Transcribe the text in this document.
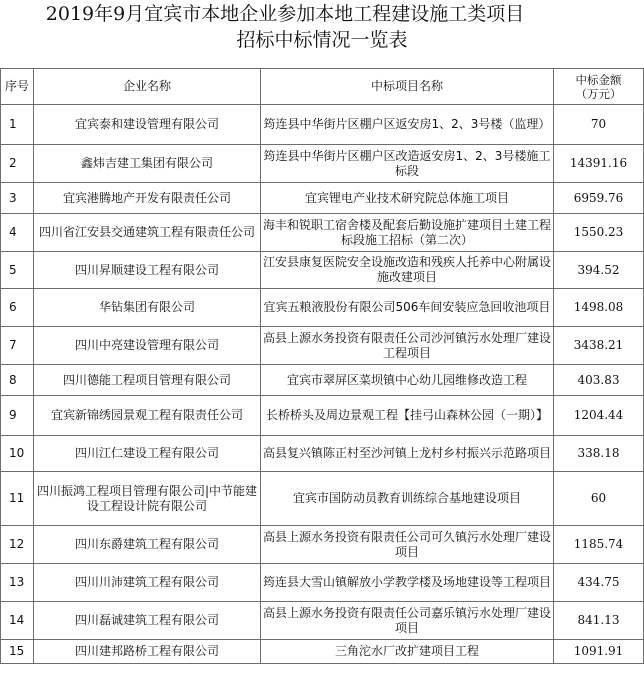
2019年9月宜宾市本地企业参加本地工程建设施工类项目
招标中标情况一览表
序号	企业名称	中标项目名称	中标金额
（万元）

1	宜宾泰和建设管理有限公司	筠连县中华街片区棚户区返安房1、2、3号楼（监理）	70
2	鑫炜吉建工集团有限公司	筠连县中华街片区棚户区改造返安房1、2、3号楼施工标段	14391.16
3	宜宾港腾地产开发有限责任公司	宜宾锂电产业技术研究院总体施工项目	6959.76
4	四川省江安县交通建筑工程有限责任公司	海丰和锐职工宿舍楼及配套后勤设施扩建项目土建工程 标段施工招标（第二次）	1550.23
5	四川昇顺建设工程有限公司	江安县康复医院安全设施改造和残疾人托养中心附属设施改建项目	394.52
6	华钻集团有限公司	宜宾五粮液股份有限公司506车间安装应急回收池项目	1498.08
7	四川中亮建设管理有限公司	高县上源水务投资有限责任公司沙河镇污水处理厂建设工程项目	3438.21
8	四川德能工程项目管理有限公司	宜宾市翠屏区菜坝镇中心幼儿园维修改造工程	403.83
9	宜宾新锦绣园景观工程有限责任公司	长桥桥头及周边景观工程【挂弓山森林公园（一期）】	1204.44
10	四川江仁建设工程有限公司	高县复兴镇陈正村至沙河镇上龙村乡村振兴示范路项目	338.18
11	四川振鸿工程项目管理有限公司|中节能建设工程设计院有限公司	宜宾市国防动员教育训练综合基地建设项目	60
12	四川东爵建筑工程有限公司	高县上源水务投资有限责任公司可久镇污水处理厂建设项目	1185.74
13	四川川沛建筑工程有限公司	筠连县大雪山镇解放小学教学楼及场地建设等工程项目	434.75
14	四川磊诚建筑工程有限公司	高县上源水务投资有限责任公司嘉乐镇污水处理厂建设项目	841.13
15	四川建邦路桥工程有限公司	三角沱水厂改扩建项目工程	1091.91
